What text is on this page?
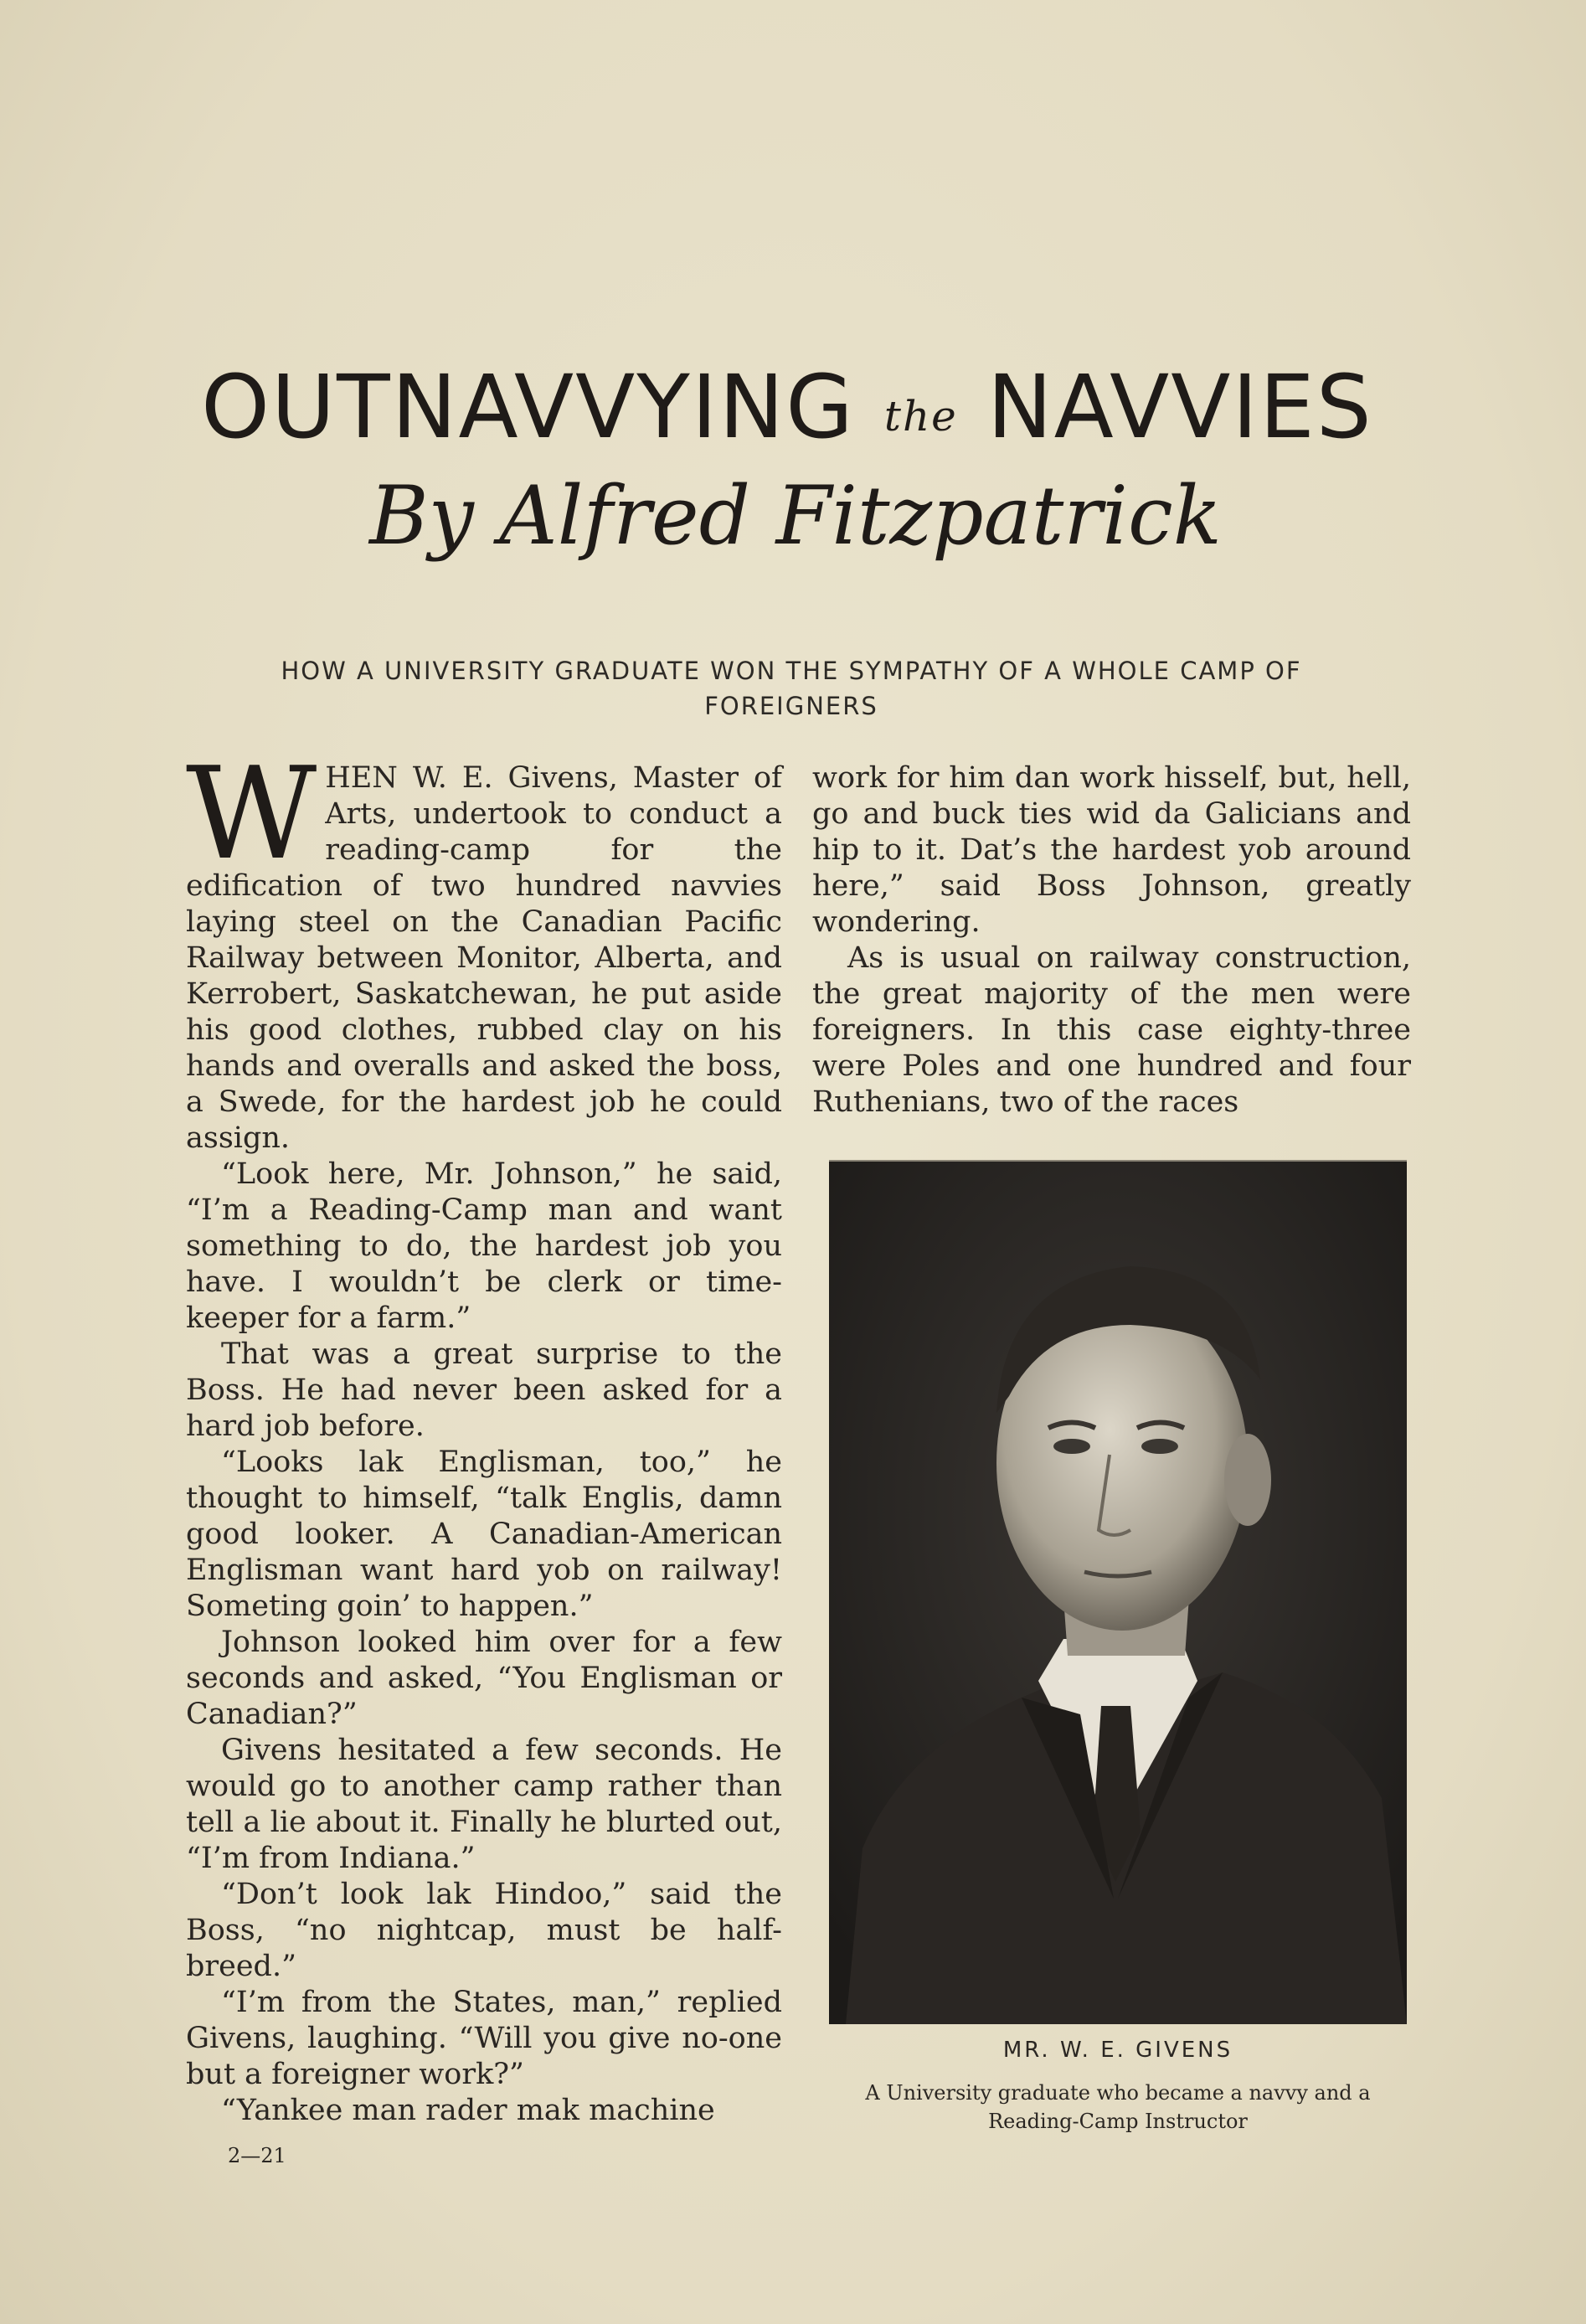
OUTNAVVYING the NAVVIES
By Alfred Fitzpatrick
HOW A UNIVERSITY GRADUATE WON THE SYMPATHY OF A WHOLE CAMP OF FOREIGNERS

WHEN W. E. Givens, Master of Arts, undertook to conduct a reading-camp for the edification of two hundred navvies laying steel on the Canadian Pacific Railway between Monitor, Alberta, and Kerrobert, Saskatchewan, he put aside his good clothes, rubbed clay on his hands and overalls and asked the boss, a Swede, for the hardest job he could assign.

“Look here, Mr. Johnson,” he said, “I’m a Reading-Camp man and want something to do, the hardest job you have. I wouldn’t be clerk or time-keeper for a farm.”

That was a great surprise to the Boss. He had never been asked for a hard job before.

“Looks lak Englisman, too,” he thought to himself, “talk Englis, damn good looker. A Canadian-American Englisman want hard yob on railway! Someting goin’ to happen.”

Johnson looked him over for a few seconds and asked, “You Englisman or Canadian?”

Givens hesitated a few seconds. He would go to another camp rather than tell a lie about it. Finally he blurted out, “I’m from Indiana.”

“Don’t look lak Hindoo,” said the Boss, “no nightcap, must be half-breed.”

“I’m from the States, man,” replied Givens, laughing. “Will you give no-one but a foreigner work?”

“Yankee man rader mak machine

work for him dan work hisself, but, hell, go and buck ties wid da Galicians and hip to it. Dat’s the hardest yob around here,” said Boss Johnson, greatly wondering.

As is usual on railway construction, the great majority of the men were foreigners. In this case eighty-three were Poles and one hundred and four Ruthenians, two of the races

MR. W. E. GIVENS
A University graduate who became a navvy and a Reading-Camp Instructor
2—21
